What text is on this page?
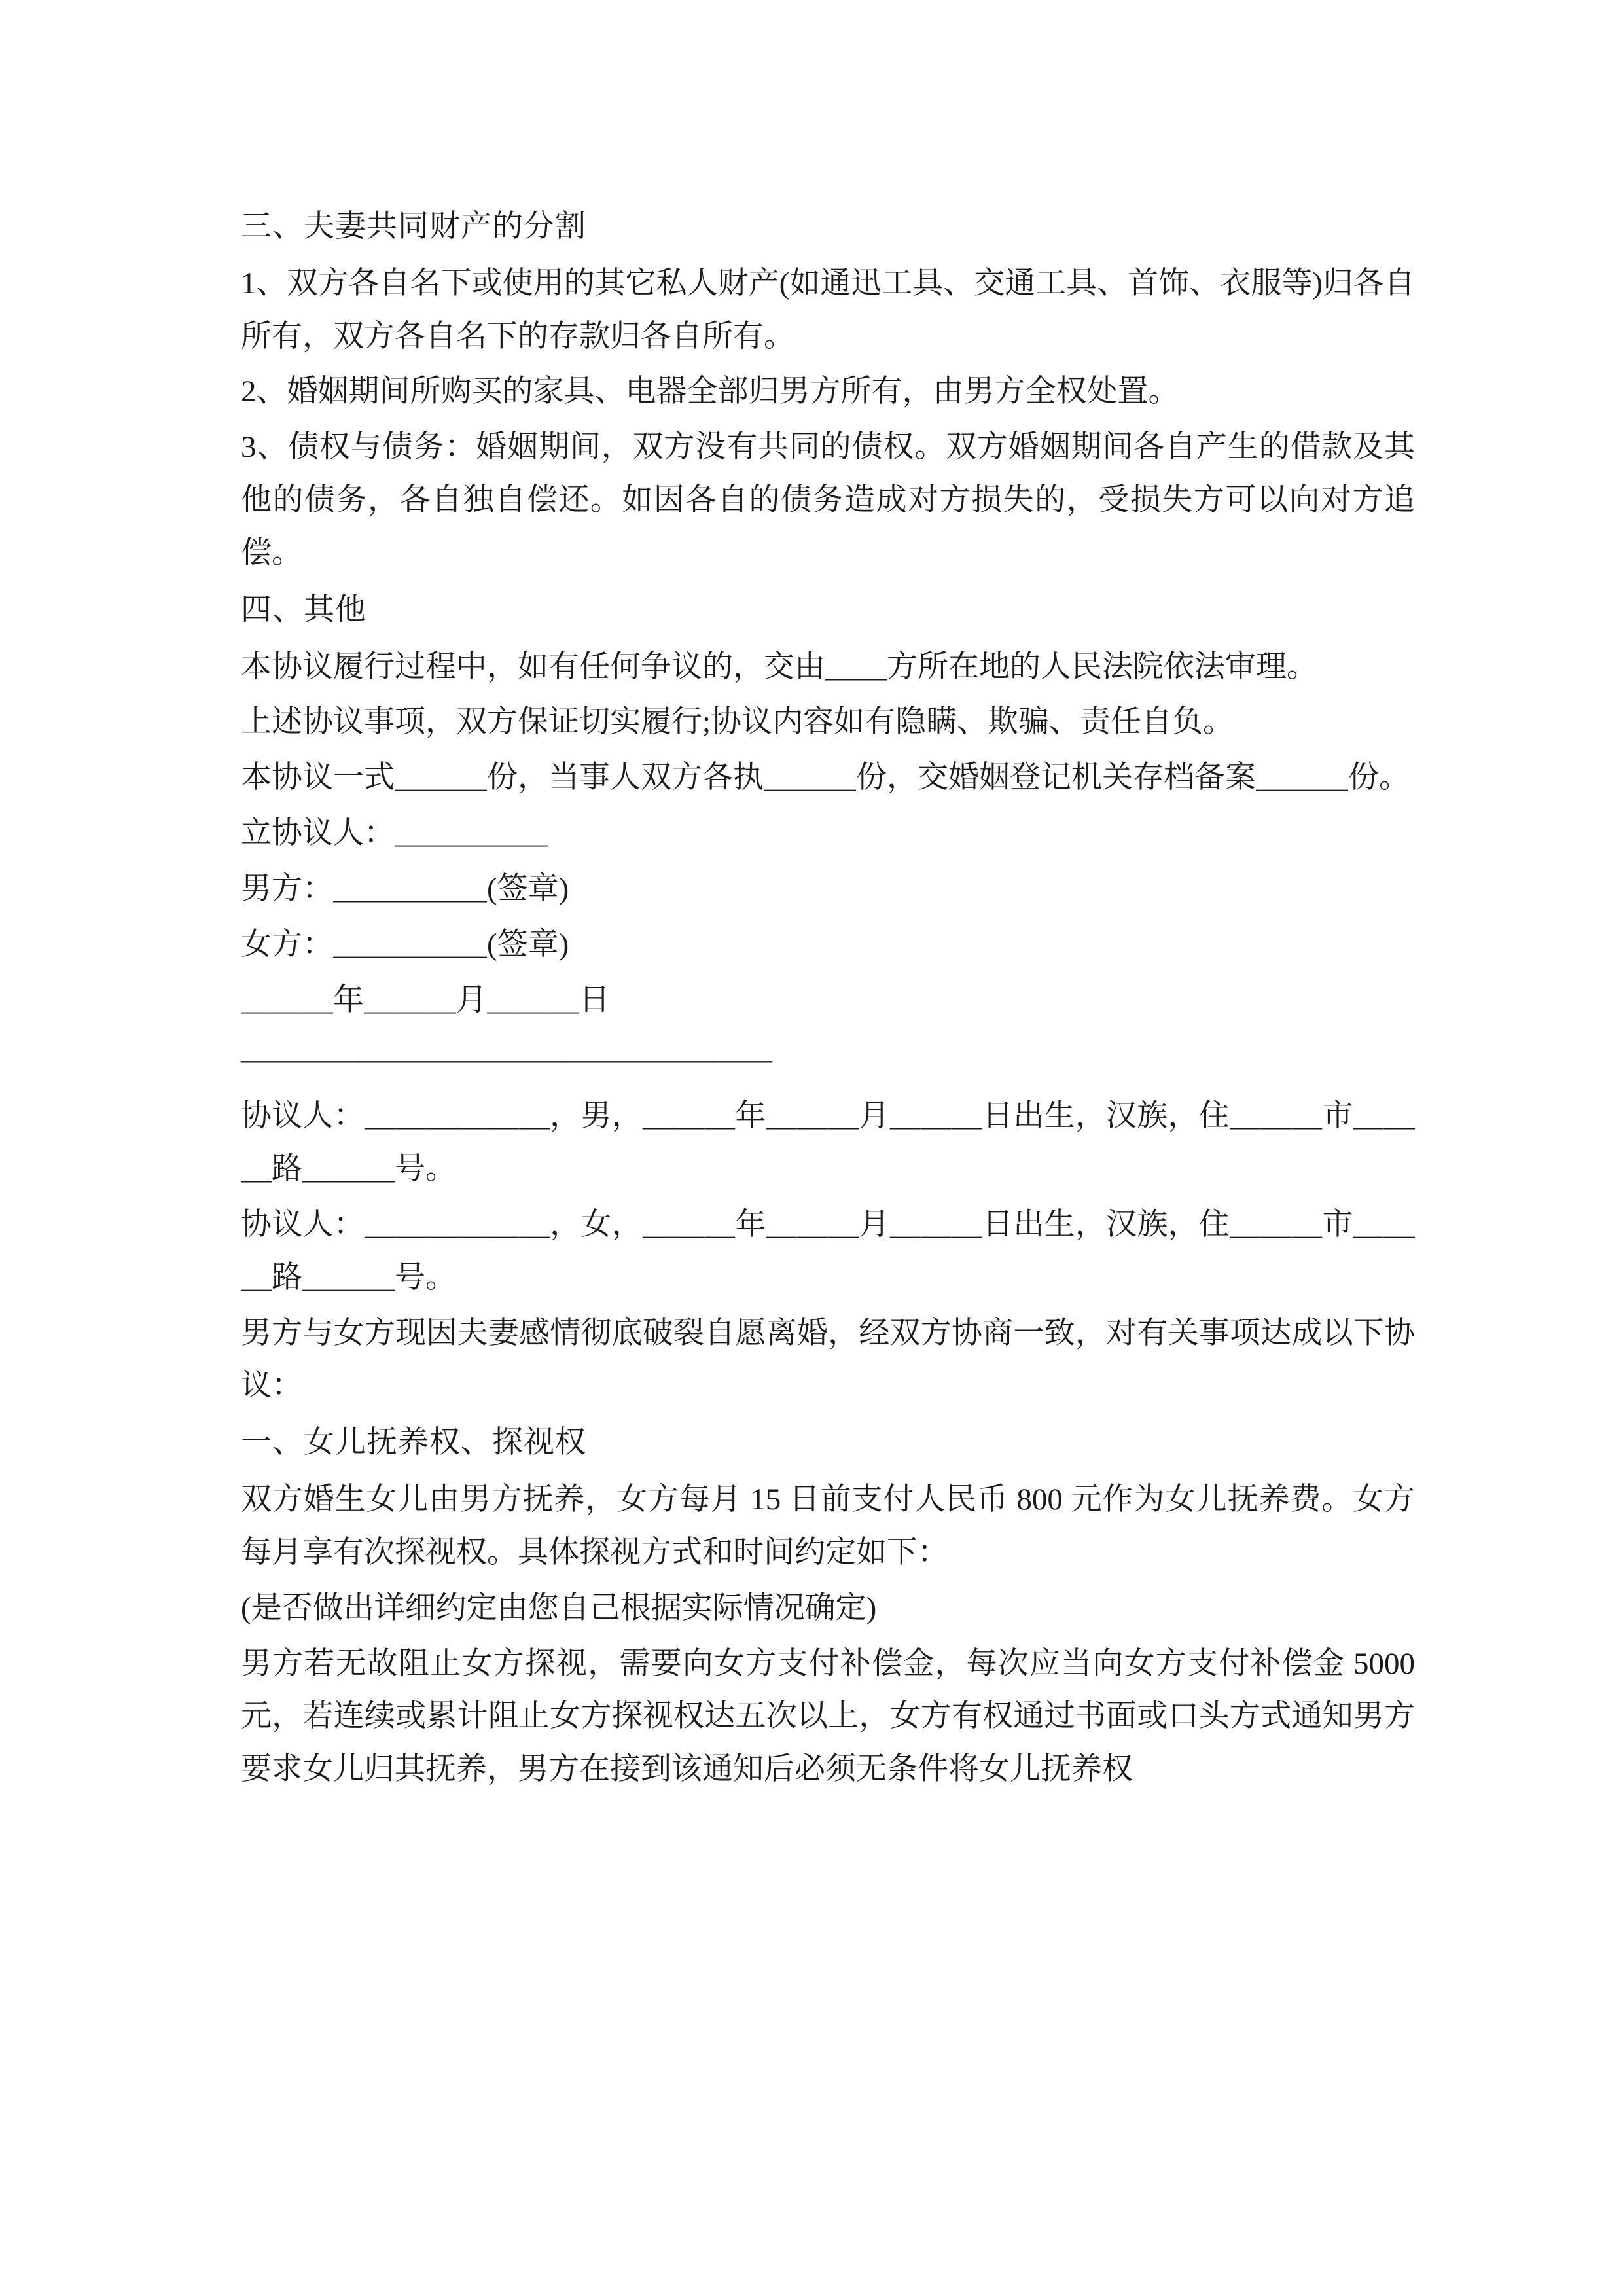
三、夫妻共同财产的分割

1、双方各自名下或使用的其它私人财产(如通迅工具、交通工具、首饰、衣服等)归各自所有，双方各自名下的存款归各自所有。

2、婚姻期间所购买的家具、电器全部归男方所有，由男方全权处置。

3、债权与债务：婚姻期间，双方没有共同的债权。双方婚姻期间各自产生的借款及其他的债务，各自独自偿还。如因各自的债务造成对方损失的，受损失方可以向对方追偿。

四、其他

本协议履行过程中，如有任何争议的，交由＿＿方所在地的人民法院依法审理。

上述协议事项，双方保证切实履行;协议内容如有隐瞒、欺骗、责任自负。

本协议一式＿＿＿份，当事人双方各执＿＿＿份，交婚姻登记机关存档备案＿＿＿份。

立协议人：＿＿＿＿＿

男方：＿＿＿＿＿(签章)

女方：＿＿＿＿＿(签章)

＿＿＿年＿＿＿月＿＿＿日

——————————————————

协议人：＿＿＿＿＿＿，男，＿＿＿年＿＿＿月＿＿＿日出生，汉族，住＿＿＿市＿＿＿路＿＿＿号。

协议人：＿＿＿＿＿＿，女，＿＿＿年＿＿＿月＿＿＿日出生，汉族，住＿＿＿市＿＿＿路＿＿＿号。

男方与女方现因夫妻感情彻底破裂自愿离婚，经双方协商一致，对有关事项达成以下协议：

一、女儿抚养权、探视权

双方婚生女儿由男方抚养，女方每月 15 日前支付人民币 800 元作为女儿抚养费。女方每月享有次探视权。具体探视方式和时间约定如下：

(是否做出详细约定由您自己根据实际情况确定)

男方若无故阻止女方探视，需要向女方支付补偿金，每次应当向女方支付补偿金 5000 元，若连续或累计阻止女方探视权达五次以上，女方有权通过书面或口头方式通知男方要求女儿归其抚养，男方在接到该通知后必须无条件将女儿抚养权
